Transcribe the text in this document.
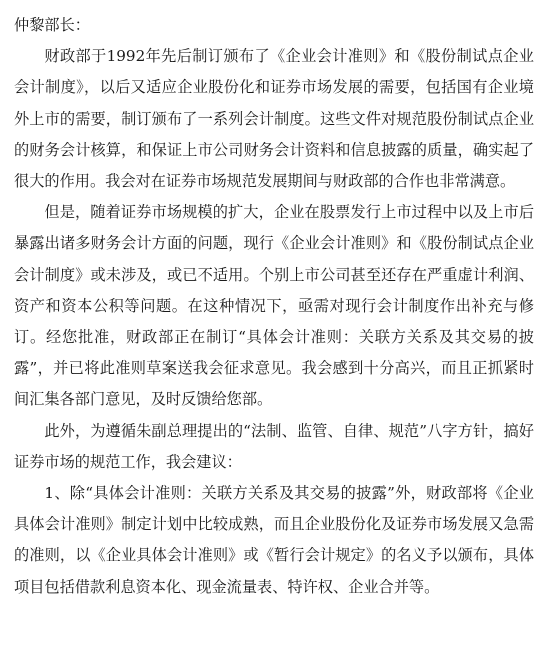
仲黎部长：

财政部于1992年先后制订颁布了《企业会计准则》和《股份制试点企业会计制度》，以后又适应企业股份化和证券市场发展的需要，包括国有企业境外上市的需要，制订颁布了一系列会计制度。这些文件对规范股份制试点企业的财务会计核算，和保证上市公司财务会计资料和信息披露的质量，确实起了很大的作用。我会对在证券市场规范发展期间与财政部的合作也非常满意。

但是，随着证券市场规模的扩大，企业在股票发行上市过程中以及上市后暴露出诸多财务会计方面的问题，现行《企业会计准则》和《股份制试点企业会计制度》或未涉及，或已不适用。个别上市公司甚至还存在严重虚计利润、资产和资本公积等问题。在这种情况下，亟需对现行会计制度作出补充与修订。经您批准，财政部正在制订“具体会计准则：关联方关系及其交易的披露”，并已将此准则草案送我会征求意见。我会感到十分高兴，而且正抓紧时间汇集各部门意见，及时反馈给您部。

此外，为遵循朱副总理提出的“法制、监管、自律、规范”八字方针，搞好证券市场的规范工作，我会建议：

1、除“具体会计准则：关联方关系及其交易的披露”外，财政部将《企业具体会计准则》制定计划中比较成熟，而且企业股份化及证券市场发展又急需的准则，以《企业具体会计准则》或《暂行会计规定》的名义予以颁布，具体项目包括借款利息资本化、现金流量表、特许权、企业合并等。
